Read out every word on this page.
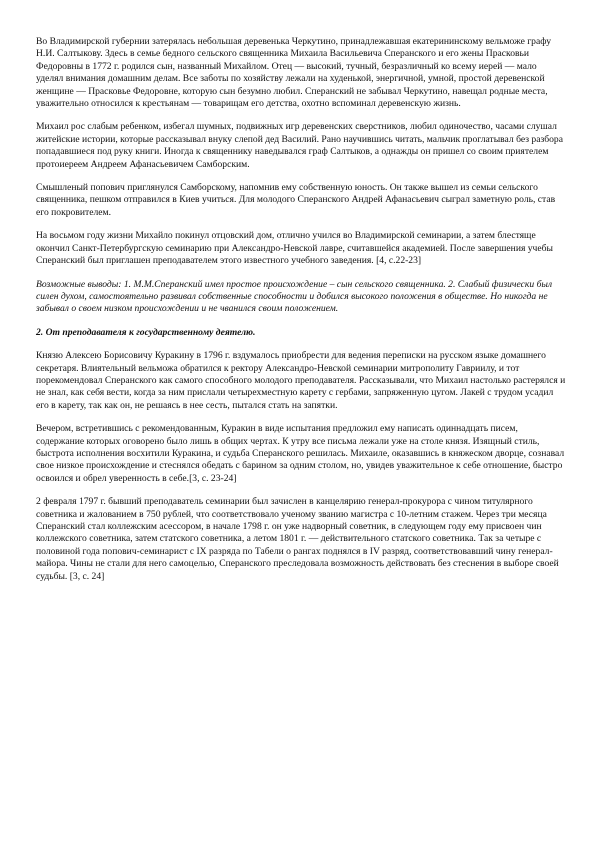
Во Владимирской губернии затерялась небольшая деревенька Черкутино, принадлежавшая екатерининскому вельможе графу Н.И. Салтыкову. Здесь в семье бедного сельского священника Михаила Васильевича Сперанского и его жены Прасковьи Федоровны в 1772 г. родился сын, названный Михайлом. Отец — высокий, тучный, безразличный ко всему иерей — мало уделял внимания домашним делам. Все заботы по хозяйству лежали на худенькой, энергичной, умной, простой деревенской женщине — Прасковье Федоровне, которую сын безумно любил. Сперанский не забывал Черкутино, навещал родные места, уважительно относился к крестьянам — товарищам его детства, охотно вспоминал деревенскую жизнь.

Михаил рос слабым ребенком, избегал шумных, подвижных игр деревенских сверстников, любил одиночество, часами слушал житейские истории, которые рассказывал внуку слепой дед Василий. Рано научившись читать, мальчик проглатывал без разбора попадавшиеся под руку книги. Иногда к священнику наведывался граф Салтыков, а однажды он пришел со своим приятелем протоиереем Андреем Афанасьевичем Самборским.

Смышленый попович приглянулся Самборскому, напомнив ему собственную юность. Он также вышел из семьи сельского священника, пешком отправился в Киев учиться. Для молодого Сперанского Андрей Афанасьевич сыграл заметную роль, став его покровителем.

На восьмом году жизни Михайло покинул отцовский дом, отлично учился во Владимирской семинарии, а затем блестяще окончил Санкт-Петербургскую семинарию при Александро-Невской лавре, считавшейся академией. После завершения учебы Сперанский был приглашен преподавателем этого известного учебного заведения. [4, с.22-23]

Возможные выводы: 1. М.М.Сперанский имел простое происхождение – сын сельского священника. 2. Слабый физически был силен духом, самостоятельно развивал собственные способности и добился высокого положения в обществе. Но никогда не забывал о своем низком происхождении и не чванился своим положением.

2. От преподавателя к государственному деятелю.

Князю Алексею Борисовичу Куракину в 1796 г. вздумалось приобрести для ведения переписки на русском языке домашнего секретаря. Влиятельный вельможа обратился к ректору Александро-Невской семинарии митрополиту Гавриилу, и тот порекомендовал Сперанского как самого способного молодого преподавателя. Рассказывали, что Михаил настолько растерялся и не знал, как себя вести, когда за ним прислали четырехместную карету с гербами, запряженную цугом. Лакей с трудом усадил его в карету, так как он, не решаясь в нее сесть, пытался стать на запятки.

Вечером, встретившись с рекомендованным, Куракин в виде испытания предложил ему написать одиннадцать писем, содержание которых оговорено было лишь в общих чертах. К утру все письма лежали уже на столе князя. Изящный стиль, быстрота исполнения восхитили Куракина, и судьба Сперанского решилась. Михаиле, оказавшись в княжеском дворце, сознавал свое низкое происхождение и стеснялся обедать с барином за одним столом, но, увидев уважительное к себе отношение, быстро освоился и обрел уверенность в себе.[3, с. 23-24]

2 февраля 1797 г. бывший преподаватель семинарии был зачислен в канцелярию генерал-прокурора с чином титулярного советника и жалованием в 750 рублей, что соответствовало ученому званию магистра с 10-летним стажем. Через три месяца Сперанский стал коллежским асессором, в начале 1798 г. он уже надворный советник, в следующем году ему присвоен чин коллежского советника, затем статского советника, а летом 1801 г. — действительного статского советника. Так за четыре с половиной года попович-семинарист с IX разряда по Табели о рангах поднялся в IV разряд, соответствовавший чину генерал-майора. Чины не стали для него самоцелью, Сперанского преследовала возможность действовать без стеснения в выборе своей судьбы. [3, с. 24]
